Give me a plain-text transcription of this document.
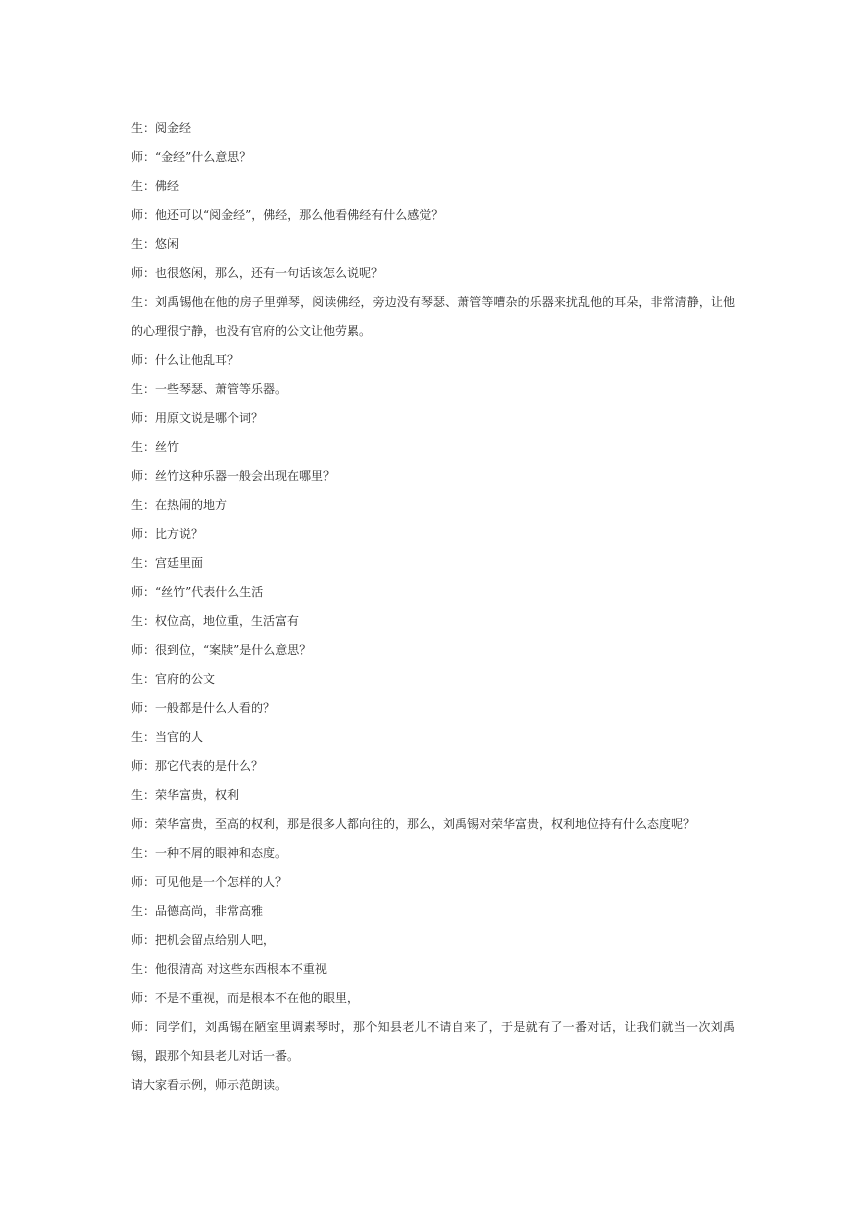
生：阅金经

师：“金经”什么意思？

生：佛经

师：他还可以“阅金经”，佛经，那么他看佛经有什么感觉？

生：悠闲

师：也很悠闲，那么，还有一句话该怎么说呢？

生：刘禹锡他在他的房子里弹琴，阅读佛经，旁边没有琴瑟、萧管等嘈杂的乐器来扰乱他的耳朵，非常清静，让他的心理很宁静，也没有官府的公文让他劳累。

师：什么让他乱耳？

生：一些琴瑟、萧管等乐器。

师：用原文说是哪个词？

生：丝竹

师：丝竹这种乐器一般会出现在哪里？

生：在热闹的地方

师：比方说？

生：宫廷里面

师：“丝竹”代表什么生活

生：权位高，地位重，生活富有

师：很到位，“案牍”是什么意思？

生：官府的公文

师：一般都是什么人看的？

生：当官的人

师：那它代表的是什么？

生：荣华富贵，权利

师：荣华富贵，至高的权利，那是很多人都向往的，那么，刘禹锡对荣华富贵，权利地位持有什么态度呢？

生：一种不屑的眼神和态度。

师：可见他是一个怎样的人？

生：品德高尚，非常高雅

师：把机会留点给别人吧，

生：他很清高 对这些东西根本不重视

师：不是不重视，而是根本不在他的眼里，

师：同学们，刘禹锡在陋室里调素琴时，那个知县老儿不请自来了，于是就有了一番对话，让我们就当一次刘禹锡，跟那个知县老儿对话一番。

请大家看示例，师示范朗读。
